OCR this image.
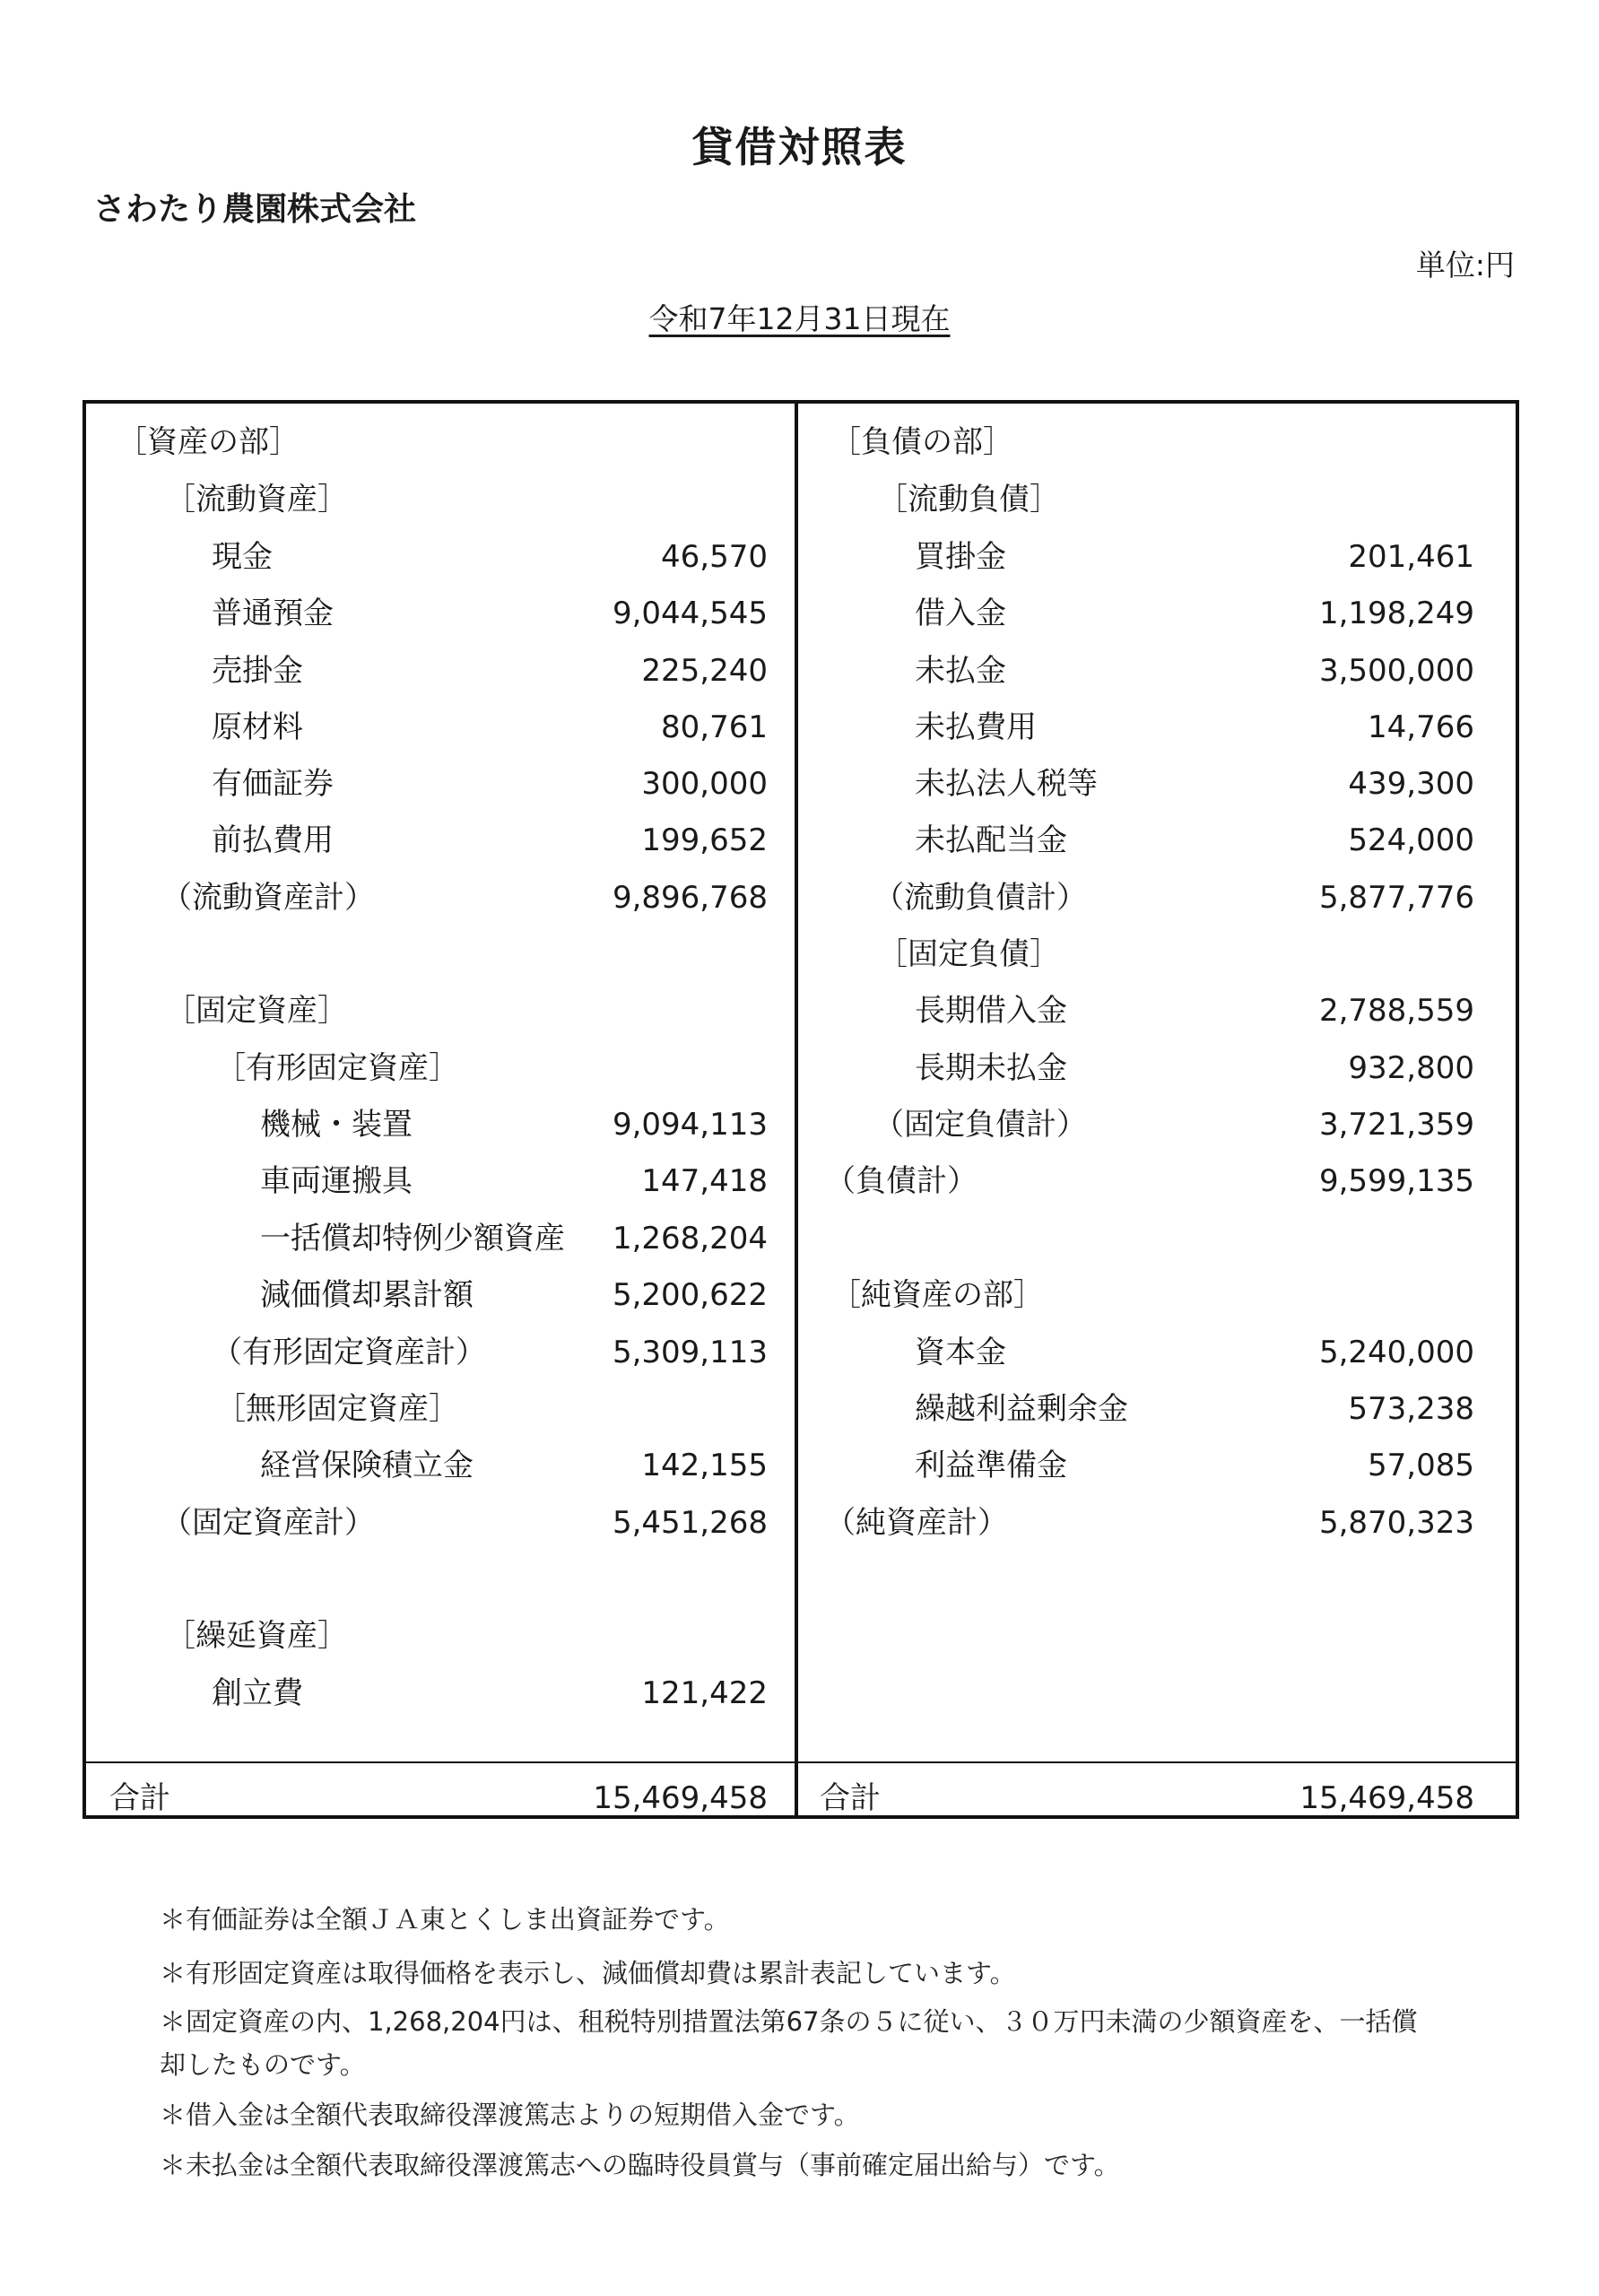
貸借対照表
さわたり農園株式会社
単位:円
令和7年12月31日現在
［資産の部］
［流動資産］
現金	46,570
普通預金	9,044,545
売掛金	225,240
原材料	80,761
有価証券	300,000
前払費用	199,652
（流動資産計）	9,896,768
［固定資産］
［有形固定資産］
機械・装置	9,094,113
車両運搬具	147,418
一括償却特例少額資産 1,268,204
減価償却累計額	5,200,622
（有形固定資産計）	5,309,113
［無形固定資産］
経営保険積立金	142,155
（固定資産計）	5,451,268
［繰延資産］
創立費	121,422
［負債の部］
［流動負債］
買掛金	201,461
借入金	1,198,249
未払金	3,500,000
未払費用	14,766
未払法人税等	439,300
未払配当金	524,000
（流動負債計）	5,877,776
［固定負債］
長期借入金	2,788,559
長期未払金	932,800
（固定負債計）	3,721,359
（負債計）	9,599,135
［純資産の部］
資本金	5,240,000
繰越利益剰余金	573,238
利益準備金	57,085
（純資産計）	5,870,323
合計	15,469,458 合計	15,469,458
＊有価証券は全額ＪＡ東とくしま出資証券です。
＊有形固定資産は取得価格を表示し、減価償却費は累計表記しています。
＊固定資産の内、1,268,204円は、租税特別措置法第67条の５に従い、３０万円未満の少額資産を、一括償
却したものです。
＊借入金は全額代表取締役澤渡篤志よりの短期借入金です。
＊未払金は全額代表取締役澤渡篤志への臨時役員賞与（事前確定届出給与）です。
